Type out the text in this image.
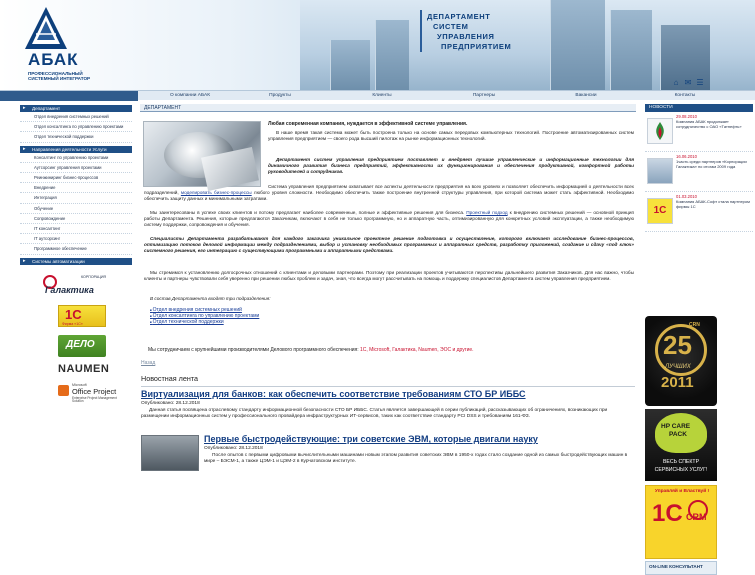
АБАК
ПРОФЕССИОНАЛЬНЫЙ
СИСТЕМНЫЙ ИНТЕГРАТОР
ДЕПАРТАМЕНТ
СИСТЕМ
УПРАВЛЕНИЯ
ПРЕДПРИЯТИЕМ
⌂ ✉ ☰
О компании АБАК	Продукты	Клиенты	Партнеры	Вакансии	Контакты
▸ Департамент
Отдел внедрения системных решений
Отдел консалтинга по управлению проектами
Отдел технической поддержки
▸ Направления деятельности Услуги
Консалтинг по управлению проектами
Аутсорсинг управления проектами
Реинжиниринг бизнес-процессов
Внедрение
Интеграция
Обучение
Сопровождение
IT консалтинг
IT аутсорсинг
Программное обеспечение
▸ Системы автоматизации
КОРПОРАЦИЯ
Галактика
1С
Фирма «1С»
ДЕЛО
NAUMEN
Microsoft
Office Project
Enterprise Project Management Solution
ДЕПАРТАМЕНТ
Любая современная компания, нуждается в эффективной системе управления.
В наше время такая система может быть построена только на основе самых передовых компьютерных технологий. Построение автоматизированных систем управления предприятием — своего рода высший пилотаж на рынке информационных технологий.
Департамент систем управления предприятием поставляет и внедряет лучшие управленческие и информационные технологии для динамичного развития бизнеса предприятий, эффективности их функционирования и обеспечения продуктивной, комфортной работы руководителей и сотрудников.
Система управления предприятием охватывает все аспекты деятельности предприятия на всех уровнях и позволяет обеспечить информацией о деятельности всех подразделений, моделировать бизнес-процессы любого уровня сложности. Необходимо обеспечить также построение внутренней структуры управления, при которой система может стать эффективной. Необходимо обеспечить защиту данных и минимальными затратами.
Мы заинтересованы в успехе своих клиентов и потому предлагает наиболее современные, полные и эффективные решения для бизнеса. Проектный подход к внедрению системных решений — основной принцип работы Департамента. Решения, которые предлагаются Заказчикам, включают в себя не только программную, но и аппаратную часть, оптимизированную для конкретных условий эксплуатации, а также необходимую систему поддержки, сопровождения и обучения.
Специалисты Департамента разрабатывают для каждого заказчика уникальное проектное решение подготовка и осуществление, которого включает исследование бизнес-процессов, оптимизацию потоков деловой информации между подразделениями, выбор и установку необходимых программных и аппаратных средств, разработку приложений, создание и сдачу «под ключ» системного решения, его интеграцию с существующими программными и аппаратными средствами.
Мы стремимся к установлению долгосрочных отношений с клиентами и деловыми партнерами. Поэтому при реализации проектов учитываются перспективы дальнейшего развития Заказчиков. Для нас важно, чтобы клиенты и партнеры чувствовали себя уверенно при решении любых проблем и задач, зная, что всегда могут рассчитывать на помощь и поддержку специалистов Департамента систем управления предприятием.
В состав Департамента входят три подразделения:
■ Отдел внедрения системных решений
■ Отдел консалтинга по управлению проектами
■ Отдел технической поддержки
Мы сотрудничаем с крупнейшими производителями Делового программного обеспечения: 1С, Microsoft, Галактика, Naumen, ЭОС и другие.
Назад
Новостная лента
Виртуализация для банков: как обеспечить соответствие требованиям СТО БР ИББС
Опубликовано: 28.12.2018
Данная статья посвящена отраслевому стандарту информационной безопасности СТО БР ИББС. Статья является завершающей в серии публикаций, рассказывающих об ограничениях, возникающих при размещении информационных систем у профессионального провайдера инфраструктурных ИТ-сервисов, таких как соответствие стандарту PCI DSS и требованиям 161-ФЗ.
Первые быстродействующие: три советские ЭВМ, которые двигали науку
Опубликовано: 28.12.2018
После опытов с первыми цифровыми вычислительными машинами новым этапом развития советских ЭВМ в 1950-х годах стало создание одной из самых быстродействующих машин в мире – БЭСМ-1, а также ЦЭМ-1 и ЦЭМ-2 в Курчатовском институте.
НОВОСТИ
29.08.2010
Компания АБАК продолжает сотрудничество с ОАО «Татнефть»
16.06.2010
1часть среди партнеров «Корпорации Галактика» по итогам 2009 года
1С
01.03.2010
Компания АБАК-Софт стала партнером фирмы 1С
CRN
25
ЛУЧШИХ
2011
HP CARE
PACK
ВЕСЬ СПЕКТР
СЕРВИСНЫХ УСЛУГ!
Управляй и Властвуй !
1С CRM
ON-LINE КОНСУЛЬТАНТ
